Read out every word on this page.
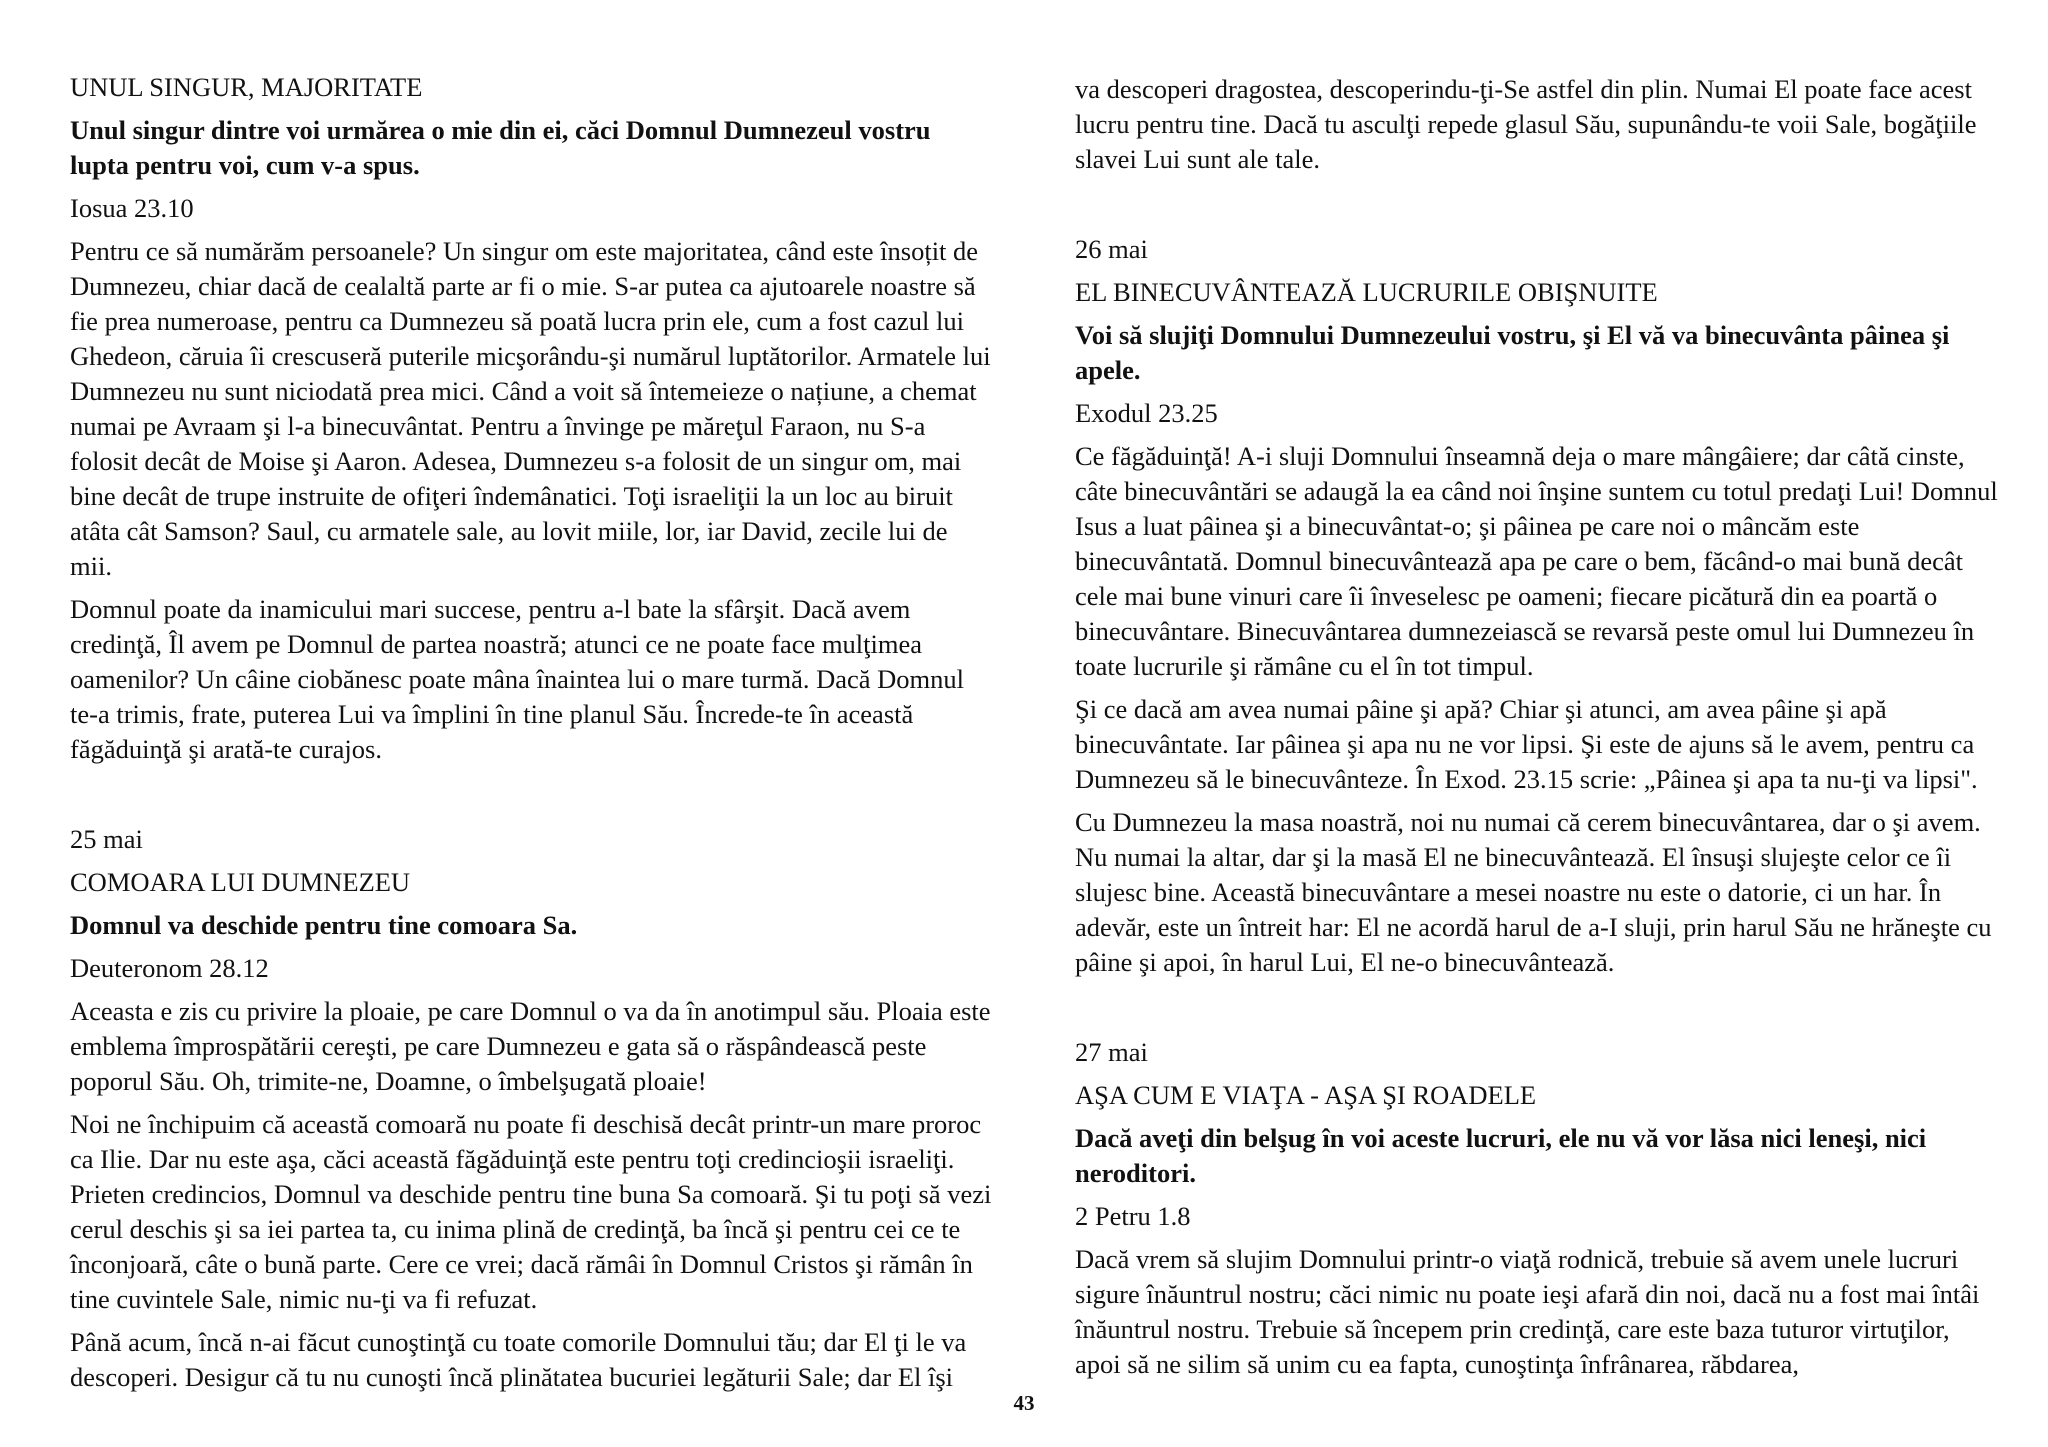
UNUL SINGUR, MAJORITATE

Unul singur dintre voi urmărea o mie din ei, căci Domnul Dumnezeul vostru lupta pentru voi, cum v-a spus.

Iosua 23.10

Pentru ce să numărăm persoanele? Un singur om este majoritatea, când este însoțit de Dumnezeu, chiar dacă de cealaltă parte ar fi o mie. S-ar putea ca ajutoarele noastre să fie prea numeroase, pentru ca Dumnezeu să poată lucra prin ele, cum a fost cazul lui Ghedeon, căruia îi crescuseră puterile micşorându-şi numărul luptătorilor. Armatele lui Dumnezeu nu sunt niciodată prea mici. Când a voit să întemeieze o națiune, a chemat numai pe Avraam şi l-a binecuvântat. Pentru a învinge pe măreţul Faraon, nu S-a folosit decât de Moise şi Aaron. Adesea, Dumnezeu s-a folosit de un singur om, mai bine decât de trupe instruite de ofiţeri îndemânatici. Toţi israeliţii la un loc au biruit atâta cât Samson? Saul, cu armatele sale, au lovit miile, lor, iar David, zecile lui de mii.

Domnul poate da inamicului mari succese, pentru a-l bate la sfârşit. Dacă avem credinţă, Îl avem pe Domnul de partea noastră; atunci ce ne poate face mulţimea oamenilor? Un câine ciobănesc poate mâna înaintea lui o mare turmă. Dacă Domnul te-a trimis, frate, puterea Lui va împlini în tine planul Său. Încrede-te în această făgăduinţă şi arată-te curajos.

25 mai

COMOARA LUI DUMNEZEU

Domnul va deschide pentru tine comoara Sa.

Deuteronom 28.12

Aceasta e zis cu privire la ploaie, pe care Domnul o va da în anotimpul său. Ploaia este emblema împrospătării cereşti, pe care Dumnezeu e gata să o răspândească peste poporul Său. Oh, trimite-ne, Doamne, o îmbelşugată ploaie!

Noi ne închipuim că această comoară nu poate fi deschisă decât printr-un mare proroc ca Ilie. Dar nu este aşa, căci această făgăduinţă este pentru toţi credincioşii israeliţi. Prieten credincios, Domnul va deschide pentru tine buna Sa comoară. Şi tu poţi să vezi cerul deschis şi sa iei partea ta, cu inima plină de credinţă, ba încă şi pentru cei ce te înconjoară, câte o bună parte. Cere ce vrei; dacă rămâi în Domnul Cristos şi rămân în tine cuvintele Sale, nimic nu-ţi va fi refuzat.

Până acum, încă n-ai făcut cunoştinţă cu toate comorile Domnului tău; dar El ţi le va descoperi. Desigur că tu nu cunoşti încă plinătatea bucuriei legăturii Sale; dar El îşi

va descoperi dragostea, descoperindu-ţi-Se astfel din plin. Numai El poate face acest lucru pentru tine. Dacă tu asculţi repede glasul Său, supunându-te voii Sale, bogăţiile slavei Lui sunt ale tale.

26 mai

EL BINECUVÂNTEAZĂ LUCRURILE OBIŞNUITE

Voi să slujiţi Domnului Dumnezeului vostru, şi El vă va binecuvânta pâinea şi apele.

Exodul 23.25

Ce făgăduinţă! A-i sluji Domnului înseamnă deja o mare mângâiere; dar câtă cinste, câte binecuvântări se adaugă la ea când noi înşine suntem cu totul predaţi Lui! Domnul Isus a luat pâinea şi a binecuvântat-o; şi pâinea pe care noi o mâncăm este binecuvântată. Domnul binecuvântează apa pe care o bem, făcând-o mai bună decât cele mai bune vinuri care îi înveselesc pe oameni; fiecare picătură din ea poartă o binecuvântare. Binecuvântarea dumnezeiască se revarsă peste omul lui Dumnezeu în toate lucrurile şi rămâne cu el în tot timpul.

Şi ce dacă am avea numai pâine şi apă? Chiar şi atunci, am avea pâine şi apă binecuvântate. Iar pâinea şi apa nu ne vor lipsi. Şi este de ajuns să le avem, pentru ca Dumnezeu să le binecuvânteze. În Exod. 23.15 scrie: „Pâinea şi apa ta nu-ţi va lipsi".

Cu Dumnezeu la masa noastră, noi nu numai că cerem binecuvântarea, dar o şi avem. Nu numai la altar, dar şi la masă El ne binecuvântează. El însuşi slujeşte celor ce îi slujesc bine. Această binecuvântare a mesei noastre nu este o datorie, ci un har. În adevăr, este un întreit har: El ne acordă harul de a-I sluji, prin harul Său ne hrăneşte cu pâine şi apoi, în harul Lui, El ne-o binecuvântează.

27 mai

AŞA CUM E VIAŢA - AŞA ŞI ROADELE

Dacă aveţi din belşug în voi aceste lucruri, ele nu vă vor lăsa nici leneşi, nici neroditori.

2 Petru 1.8

Dacă vrem să slujim Domnului printr-o viaţă rodnică, trebuie să avem unele lucruri sigure înăuntrul nostru; căci nimic nu poate ieşi afară din noi, dacă nu a fost mai întâi înăuntrul nostru. Trebuie să începem prin credinţă, care este baza tuturor virtuţilor, apoi să ne silim să unim cu ea fapta, cunoştinţa înfrânarea, răbdarea,

43
